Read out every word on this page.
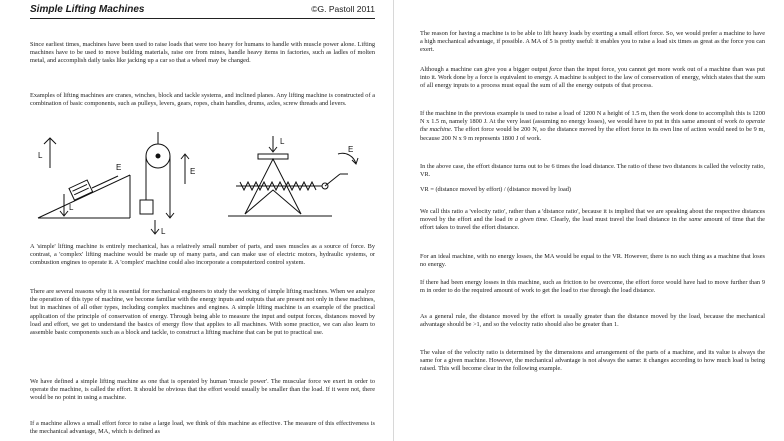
Simple Lifting Machines	©G. Pastoll 2011

Since earliest times, machines have been used to raise loads that were too heavy for humans to handle with muscle power alone. Lifting machines have to be used to move building materials, raise ore from mines, handle heavy items in factories, such as ladles of molten metal, and accomplish daily tasks like jacking up a car so that a wheel may be changed.

Examples of lifting machines are cranes, winches, block and tackle systems, and inclined planes. Any lifting machine is constructed of a combination of basic components, such as pulleys, levers, gears, ropes, chain handles, drums, axles, screw threads and levers.

E
L
L
E
L
L
E

A 'simple' lifting machine is entirely mechanical, has a relatively small number of parts, and uses muscles as a source of force. By contrast, a 'complex' lifting machine would be made up of many parts, and can make use of electric motors, hydraulic systems, or combustion engines to operate it. A 'complex' machine could also incorporate a computerized control system.

There are several reasons why it is essential for mechanical engineers to study the working of simple lifting machines. When we analyze the operation of this type of machine, we become familiar with the energy inputs and outputs that are present not only in these machines, but in machines of all other types, including complex machines and engines. A simple lifting machine is an example of the practical application of the principle of conservation of energy. Through being able to measure the input and output forces, distances moved by load and effort, we get to understand the basics of energy flow that applies to all machines. With some practice, we can also learn to assemble basic components such as a block and tackle, to construct a lifting machine that can be put to practical use.

We have defined a simple lifting machine as one that is operated by human 'muscle power'. The muscular force we exert in order to operate the machine, is called the effort. It should be obvious that the effort would usually be smaller than the load. If it were not, there would be no point in using a machine.

If a machine allows a small effort force to raise a large load, we think of this machine as effective. The measure of this effectiveness is the mechanical advantage, MA, which is defined as

The reason for having a machine is to be able to lift heavy loads by exerting a small effort force. So, we would prefer a machine to have a high mechanical advantage, if possible. A MA of 5 is pretty useful: it enables you to raise a load six times as great as the force you can exert.

Although a machine can give you a bigger output force than the input force, you cannot get more work out of a machine than was put into it. Work done by a force is equivalent to energy. A machine is subject to the law of conservation of energy, which states that the sum of all energy inputs to a process must equal the sum of all the energy outputs of that process.

If the machine in the previous example is used to raise a load of 1200 N a height of 1.5 m, then the work done to accomplish this is 1200 N x 1.5 m, namely 1800 J. At the very least (assuming no energy losses), we would have to put in this same amount of work to operate the machine. The effort force would be 200 N, so the distance moved by the effort force in its own line of action would need to be 9 m, because 200 N x 9 m represents 1800 J of work.

In the above case, the effort distance turns out to be 6 times the load distance. The ratio of these two distances is called the velocity ratio, VR.

VR = (distance moved by effort) / (distance moved by load)

We call this ratio a 'velocity ratio', rather than a 'distance ratio', because it is implied that we are speaking about the respective distances moved by the effort and the load in a given time. Clearly, the load must travel the load distance in the same amount of time that the effort takes to travel the effort distance.

For an ideal machine, with no energy losses, the MA would be equal to the VR. However, there is no such thing as a machine that loses no energy.

If there had been energy losses in this machine, such as friction to be overcome, the effort force would have had to move further than 9 m in order to do the required amount of work to get the load to rise through the load distance.

As a general rule, the distance moved by the effort is usually greater than the distance moved by the load, because the mechanical advantage should be >1, and so the velocity ratio should also be greater than 1.

The value of the velocity ratio is determined by the dimensions and arrangement of the parts of a machine, and its value is always the same for a given machine. However, the mechanical advantage is not always the same: it changes according to how much load is being raised. This will become clear in the following example.
